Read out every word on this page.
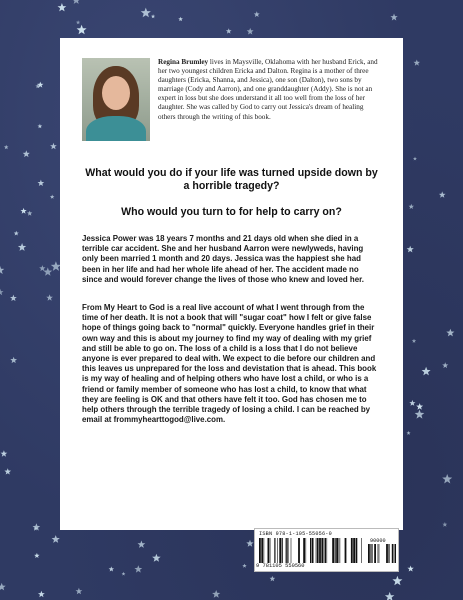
Regina Brumley lives in Maysville, Oklahoma with her husband Erick, and her two youngest children Ericka and Dalton. Regina is a mother of three daughters (Ericka, Shanna, and Jessica), one son (Dalton), two sons by marriage (Cody and Aarron), and one granddaughter (Addy). She is not an expert in loss but she does understand it all too well from the loss of her daughter. She was called by God to carry out Jessica's dream of healing others through the writing of this book.

What would you do if your life was turned upside down by a horrible tragedy?

Who would you turn to for help to carry on?

Jessica Power was 18 years 7 months and 21 days old when she died in a terrible car accident. She and her husband Aarron were newlyweds, having only been married 1 month and 20 days. Jessica was the happiest she had been in her life and had her whole life ahead of her. The accident made no since and would forever change the lives of those who knew and loved her.

From My Heart to God is a real live account of what I went through from the time of her death. It is not a book that will "sugar coat" how I felt or give false hope of things going back to "normal" quickly. Everyone handles grief in their own way and this is about my journey to find my way of dealing with my grief and still be able to go on. The loss of a child is a loss that I do not believe anyone is ever prepared to deal with. We expect to die before our children and this leaves us unprepared for the loss and devistation that is ahead. This book is my way of healing and of helping others who have lost a child, or who is a friend or family member of someone who has lost a child, to know that what they are feeling is OK and that others have felt it too. God has chosen me to help others through the terrible tragedy of losing a child. I can be reached by email at frommyhearttogod@live.com.

ISBN 978-1-105-55056-0
90000
9 781105 550560
